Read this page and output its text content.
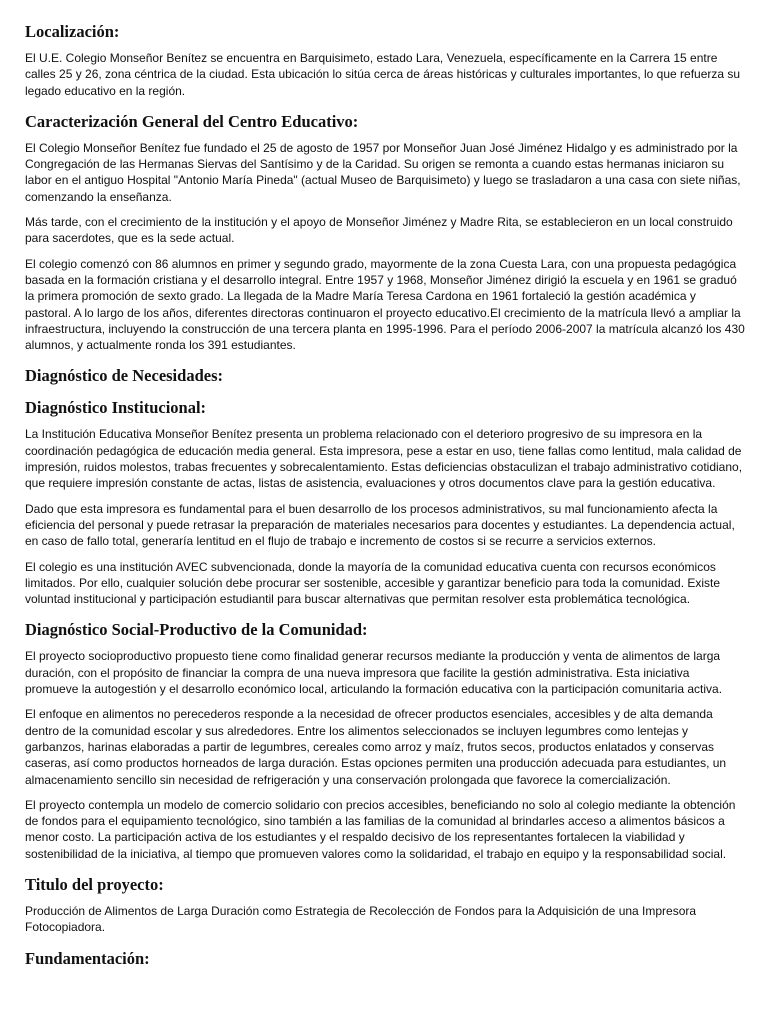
Localización:

El U.E. Colegio Monseñor Benítez se encuentra en Barquisimeto, estado Lara, Venezuela, específicamente en la Carrera 15 entre calles 25 y 26, zona céntrica de la ciudad. Esta ubicación lo sitúa cerca de áreas históricas y culturales importantes, lo que refuerza su legado educativo en la región.

Caracterización General del Centro Educativo:

El Colegio Monseñor Benítez fue fundado el 25 de agosto de 1957 por Monseñor Juan José Jiménez Hidalgo y es administrado por la Congregación de las Hermanas Siervas del Santísimo y de la Caridad. Su origen se remonta a cuando estas hermanas iniciaron su labor en el antiguo Hospital "Antonio María Pineda" (actual Museo de Barquisimeto) y luego se trasladaron a una casa con siete niñas, comenzando la enseñanza.

Más tarde, con el crecimiento de la institución y el apoyo de Monseñor Jiménez y Madre Rita, se establecieron en un local construido para sacerdotes, que es la sede actual.

El colegio comenzó con 86 alumnos en primer y segundo grado, mayormente de la zona Cuesta Lara, con una propuesta pedagógica basada en la formación cristiana y el desarrollo integral. Entre 1957 y 1968, Monseñor Jiménez dirigió la escuela y en 1961 se graduó la primera promoción de sexto grado. La llegada de la Madre María Teresa Cardona en 1961 fortaleció la gestión académica y pastoral. A lo largo de los años, diferentes directoras continuaron el proyecto educativo.El crecimiento de la matrícula llevó a ampliar la infraestructura, incluyendo la construcción de una tercera planta en 1995-1996. Para el período 2006-2007 la matrícula alcanzó los 430 alumnos, y actualmente ronda los 391 estudiantes.

Diagnóstico de Necesidades:
Diagnóstico Institucional:

La Institución Educativa Monseñor Benítez presenta un problema relacionado con el deterioro progresivo de su impresora en la coordinación pedagógica de educación media general. Esta impresora, pese a estar en uso, tiene fallas como lentitud, mala calidad de impresión, ruidos molestos, trabas frecuentes y sobrecalentamiento. Estas deficiencias obstaculizan el trabajo administrativo cotidiano, que requiere impresión constante de actas, listas de asistencia, evaluaciones y otros documentos clave para la gestión educativa.

Dado que esta impresora es fundamental para el buen desarrollo de los procesos administrativos, su mal funcionamiento afecta la eficiencia del personal y puede retrasar la preparación de materiales necesarios para docentes y estudiantes. La dependencia actual, en caso de fallo total, generaría lentitud en el flujo de trabajo e incremento de costos si se recurre a servicios externos.

El colegio es una institución AVEC subvencionada, donde la mayoría de la comunidad educativa cuenta con recursos económicos limitados. Por ello, cualquier solución debe procurar ser sostenible, accesible y garantizar beneficio para toda la comunidad. Existe voluntad institucional y participación estudiantil para buscar alternativas que permitan resolver esta problemática tecnológica.

Diagnóstico Social-Productivo de la Comunidad:

El proyecto socioproductivo propuesto tiene como finalidad generar recursos mediante la producción y venta de alimentos de larga duración, con el propósito de financiar la compra de una nueva impresora que facilite la gestión administrativa. Esta iniciativa promueve la autogestión y el desarrollo económico local, articulando la formación educativa con la participación comunitaria activa.

El enfoque en alimentos no perecederos responde a la necesidad de ofrecer productos esenciales, accesibles y de alta demanda dentro de la comunidad escolar y sus alrededores. Entre los alimentos seleccionados se incluyen legumbres como lentejas y garbanzos, harinas elaboradas a partir de legumbres, cereales como arroz y maíz, frutos secos, productos enlatados y conservas caseras, así como productos horneados de larga duración. Estas opciones permiten una producción adecuada para estudiantes, un almacenamiento sencillo sin necesidad de refrigeración y una conservación prolongada que favorece la comercialización.

El proyecto contempla un modelo de comercio solidario con precios accesibles, beneficiando no solo al colegio mediante la obtención de fondos para el equipamiento tecnológico, sino también a las familias de la comunidad al brindarles acceso a alimentos básicos a menor costo. La participación activa de los estudiantes y el respaldo decisivo de los representantes fortalecen la viabilidad y sostenibilidad de la iniciativa, al tiempo que promueven valores como la solidaridad, el trabajo en equipo y la responsabilidad social.

Titulo del proyecto:

Producción de Alimentos de Larga Duración como Estrategia de Recolección de Fondos para la Adquisición de una Impresora Fotocopiadora.

Fundamentación:
